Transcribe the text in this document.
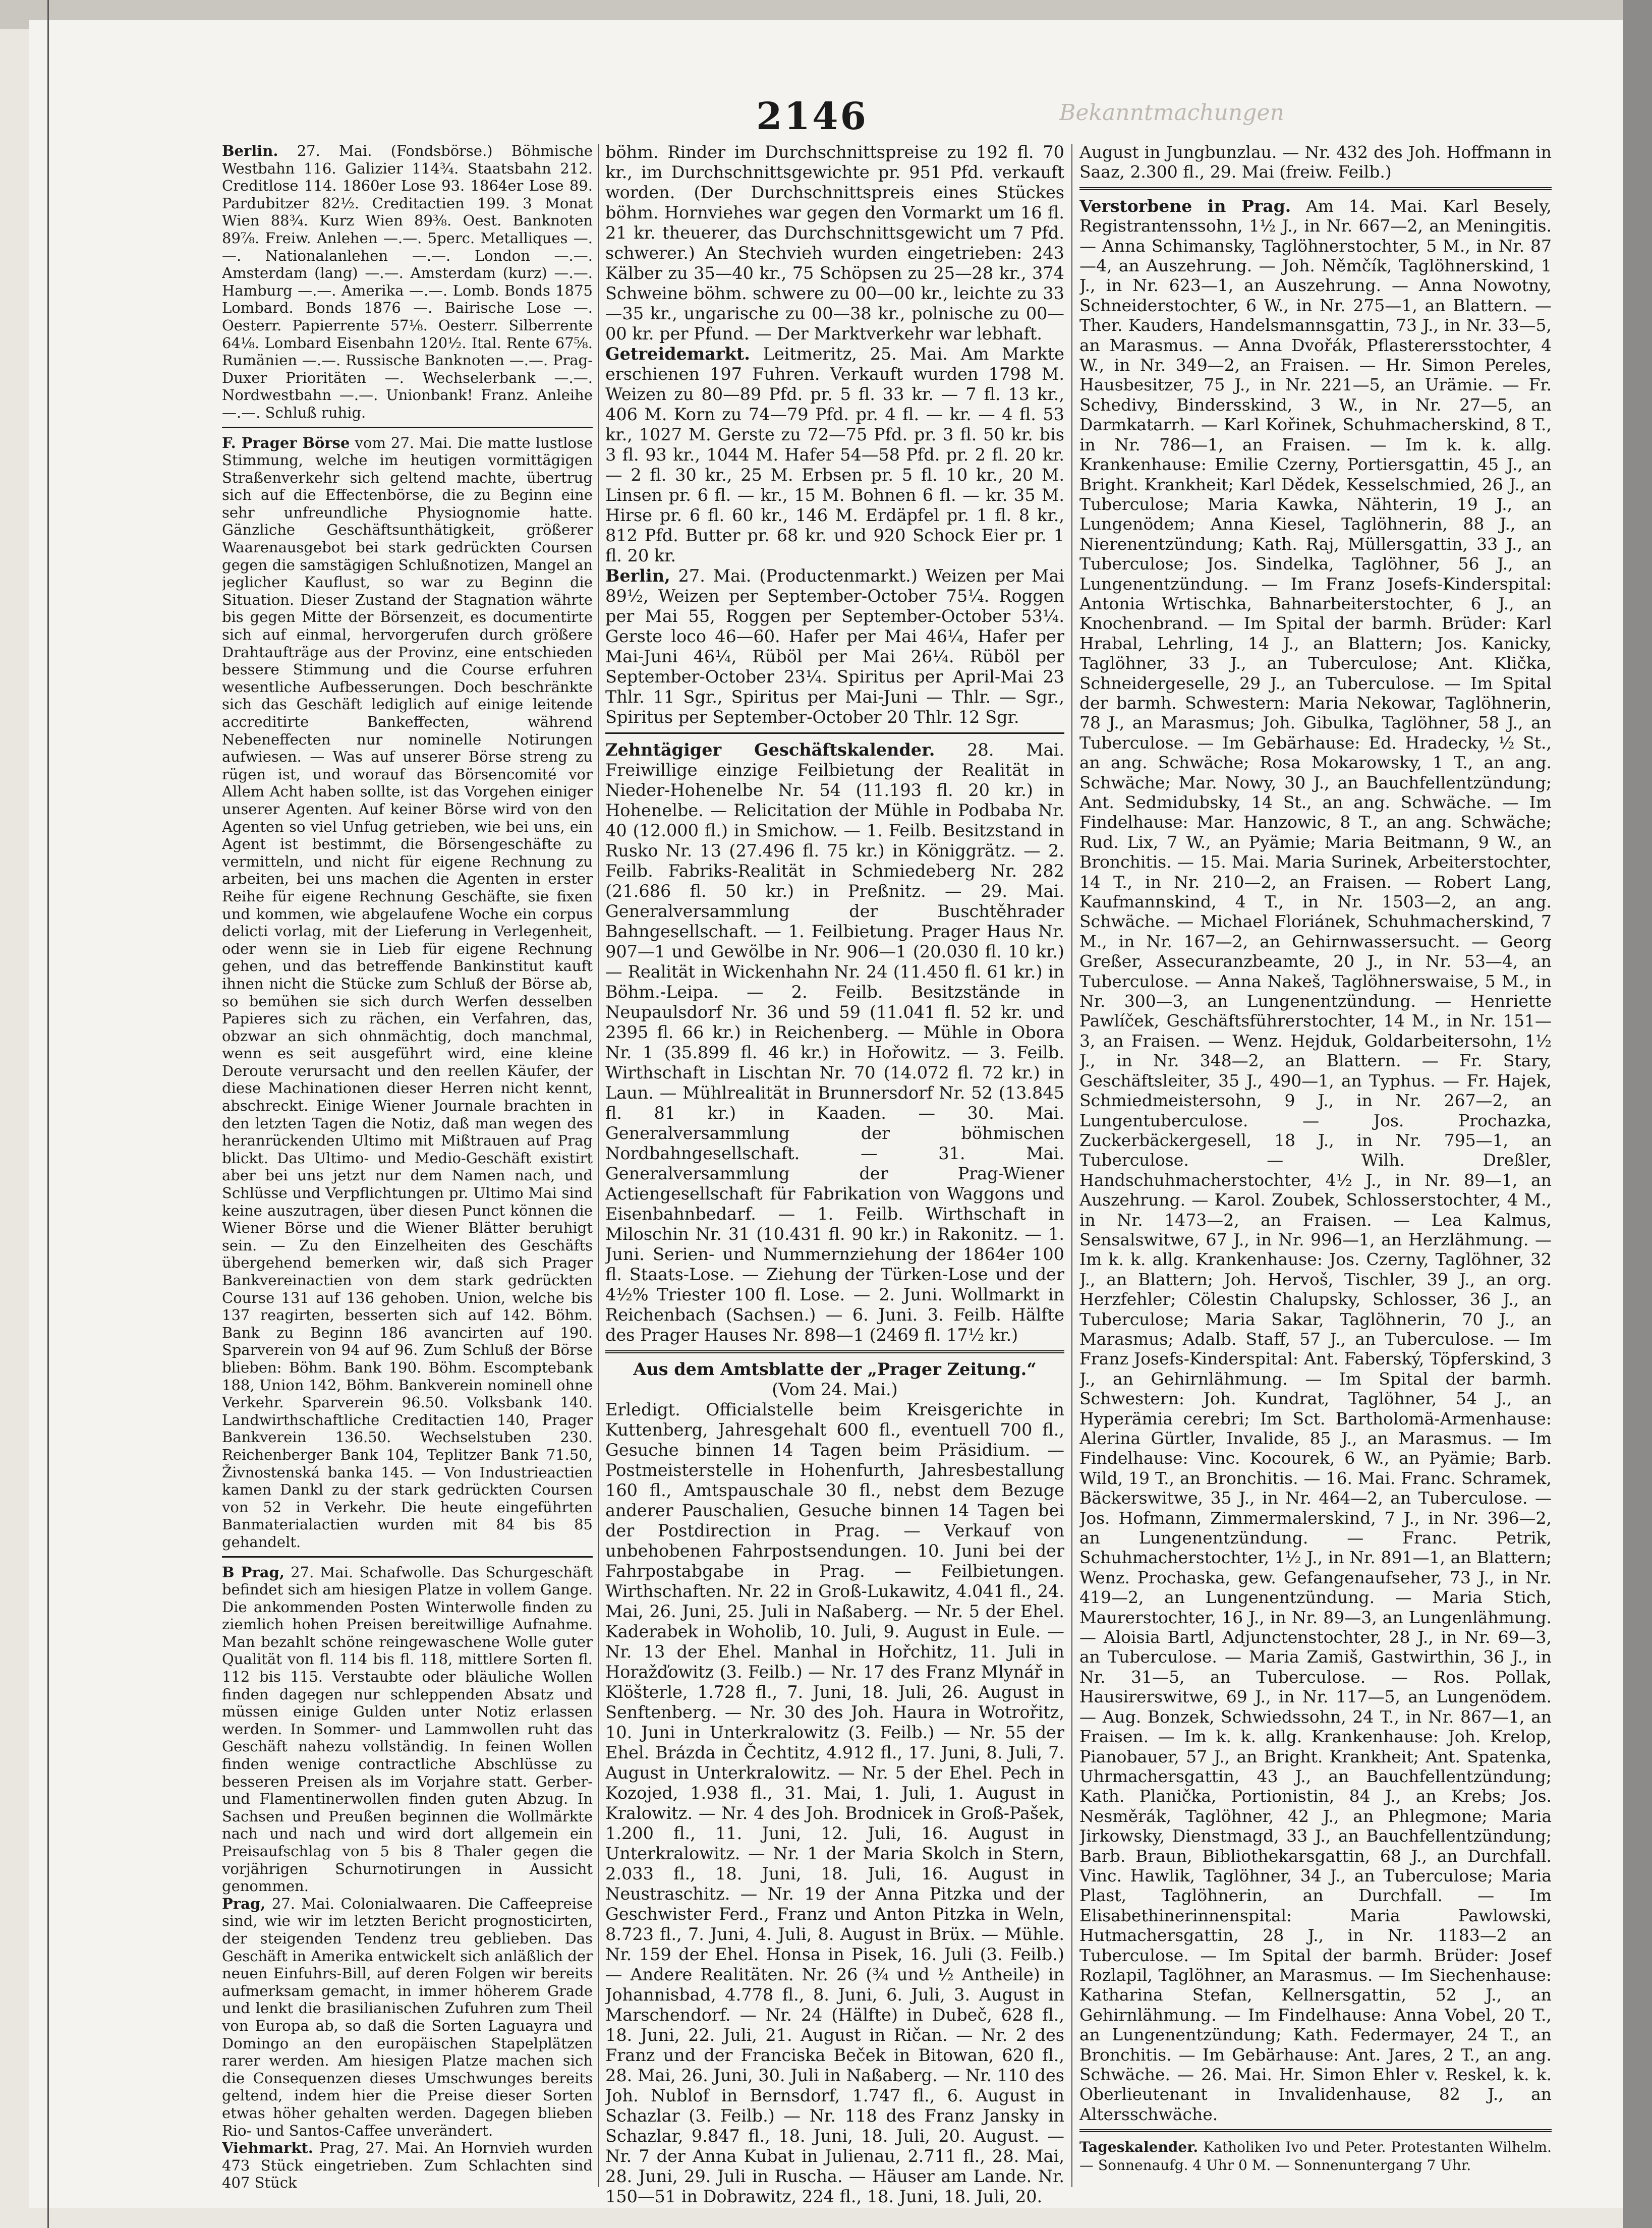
2146	Bekanntmachungen

Berlin. 27. Mai. (Fondsbörse.) Böhmische Westbahn 116. Galizier 114¾. Staatsbahn 212. Creditlose 114. 1860er Lose 93. 1864er Lose 89. Pardubitzer 82½. Creditactien 199. 3 Monat Wien 88¾. Kurz Wien 89⅜. Oest. Banknoten 89⅞. Freiw. Anlehen —.—. 5perc. Metalliques —.—. Nationalanlehen —.—. London —.—. Amsterdam (lang) —.—. Amsterdam (kurz) —.—. Hamburg —.—. Amerika —.—. Lomb. Bonds 1875 Lombard. Bonds 1876 —. Bairische Lose —. Oesterr. Papierrente 57⅛. Oesterr. Silberrente 64⅛. Lombard Eisenbahn 120½. Ital. Rente 67⅝. Rumänien —.—. Russische Banknoten —.—. Prag-Duxer Prioritäten —. Wechselerbank —.—. Nordwestbahn —.—. Unionbank! Franz. Anleihe —.—. Schluß ruhig.

F. Prager Börse vom 27. Mai. Die matte lustlose Stimmung, welche im heutigen vormittägigen Straßenverkehr sich geltend machte, übertrug sich auf die Effectenbörse, die zu Beginn eine sehr unfreundliche Physiognomie hatte. Gänzliche Geschäftsunthätigkeit, größerer Waarenausgebot bei stark gedrückten Coursen gegen die samstägigen Schlußnotizen, Mangel an jeglicher Kauflust, so war zu Beginn die Situation. Dieser Zustand der Stagnation währte bis gegen Mitte der Börsenzeit, es documentirte sich auf einmal, hervorgerufen durch größere Drahtaufträge aus der Provinz, eine entschieden bessere Stimmung und die Course erfuhren wesentliche Aufbesserungen. Doch beschränkte sich das Geschäft lediglich auf einige leitende accreditirte Bankeffecten, während Nebeneffecten nur nominelle Notirungen aufwiesen. — Was auf unserer Börse streng zu rügen ist, und worauf das Börsencomité vor Allem Acht haben sollte, ist das Vorgehen einiger unserer Agenten. Auf keiner Börse wird von den Agenten so viel Unfug getrieben, wie bei uns, ein Agent ist bestimmt, die Börsengeschäfte zu vermitteln, und nicht für eigene Rechnung zu arbeiten, bei uns machen die Agenten in erster Reihe für eigene Rechnung Geschäfte, sie fixen und kommen, wie abgelaufene Woche ein corpus delicti vorlag, mit der Lieferung in Verlegenheit, oder wenn sie in Lieb für eigene Rechnung gehen, und das betreffende Bankinstitut kauft ihnen nicht die Stücke zum Schluß der Börse ab, so bemühen sie sich durch Werfen desselben Papieres sich zu rächen, ein Verfahren, das, obzwar an sich ohnmächtig, doch manchmal, wenn es seit ausgeführt wird, eine kleine Deroute verursacht und den reellen Käufer, der diese Machinationen dieser Herren nicht kennt, abschreckt. Einige Wiener Journale brachten in den letzten Tagen die Notiz, daß man wegen des heranrückenden Ultimo mit Mißtrauen auf Prag blickt. Das Ultimo- und Medio-Geschäft existirt aber bei uns jetzt nur dem Namen nach, und Schlüsse und Verpflichtungen pr. Ultimo Mai sind keine auszutragen, über diesen Punct können die Wiener Börse und die Wiener Blätter beruhigt sein. — Zu den Einzelheiten des Geschäfts übergehend bemerken wir, daß sich Prager Bankvereinactien von dem stark gedrückten Course 131 auf 136 gehoben. Union, welche bis 137 reagirten, besserten sich auf 142. Böhm. Bank zu Beginn 186 avancirten auf 190. Sparverein von 94 auf 96. Zum Schluß der Börse blieben: Böhm. Bank 190. Böhm. Escomptebank 188, Union 142, Böhm. Bankverein nominell ohne Verkehr. Sparverein 96.50. Volksbank 140. Landwirthschaftliche Creditactien 140, Prager Bankverein 136.50. Wechselstuben 230. Reichenberger Bank 104, Teplitzer Bank 71.50, Živnostenská banka 145. — Von Industrieactien kamen Dankl zu der stark gedrückten Coursen von 52 in Verkehr. Die heute eingeführten Banmaterialactien wurden mit 84 bis 85 gehandelt.

B Prag, 27. Mai. Schafwolle. Das Schurgeschäft befindet sich am hiesigen Platze in vollem Gange. Die ankommenden Posten Winterwolle finden zu ziemlich hohen Preisen bereitwillige Aufnahme. Man bezahlt schöne reingewaschene Wolle guter Qualität von fl. 114 bis fl. 118, mittlere Sorten fl. 112 bis 115. Verstaubte oder bläuliche Wollen finden dagegen nur schleppenden Absatz und müssen einige Gulden unter Notiz erlassen werden. In Sommer- und Lammwollen ruht das Geschäft nahezu vollständig. In feinen Wollen finden wenige contractliche Abschlüsse zu besseren Preisen als im Vorjahre statt. Gerber- und Flamentinerwollen finden guten Abzug. In Sachsen und Preußen beginnen die Wollmärkte nach und nach und wird dort allgemein ein Preisaufschlag von 5 bis 8 Thaler gegen die vorjährigen Schurnotirungen in Aussicht genommen.

Prag, 27. Mai. Colonialwaaren. Die Caffeepreise sind, wie wir im letzten Bericht prognosticirten, der steigenden Tendenz treu geblieben. Das Geschäft in Amerika entwickelt sich anläßlich der neuen Einfuhrs-Bill, auf deren Folgen wir bereits aufmerksam gemacht, in immer höherem Grade und lenkt die brasilianischen Zufuhren zum Theil von Europa ab, so daß die Sorten Laguayra und Domingo an den europäischen Stapelplätzen rarer werden. Am hiesigen Platze machen sich die Consequenzen dieses Umschwunges bereits geltend, indem hier die Preise dieser Sorten etwas höher gehalten werden. Dagegen blieben Rio- und Santos-Caffee unverändert.

Viehmarkt. Prag, 27. Mai. An Hornvieh wurden 473 Stück eingetrieben. Zum Schlachten sind 407 Stück

böhm. Rinder im Durchschnittspreise zu 192 fl. 70 kr., im Durchschnittsgewichte pr. 951 Pfd. verkauft worden. (Der Durchschnittspreis eines Stückes böhm. Hornviehes war gegen den Vormarkt um 16 fl. 21 kr. theuerer, das Durchschnittsgewicht um 7 Pfd. schwerer.) An Stechvieh wurden eingetrieben: 243 Kälber zu 35—40 kr., 75 Schöpsen zu 25—28 kr., 374 Schweine böhm. schwere zu 00—00 kr., leichte zu 33—35 kr., ungarische zu 00—38 kr., polnische zu 00—00 kr. per Pfund. — Der Marktverkehr war lebhaft.

Getreidemarkt. Leitmeritz, 25. Mai. Am Markte erschienen 197 Fuhren. Verkauft wurden 1798 M. Weizen zu 80—89 Pfd. pr. 5 fl. 33 kr. — 7 fl. 13 kr., 406 M. Korn zu 74—79 Pfd. pr. 4 fl. — kr. — 4 fl. 53 kr., 1027 M. Gerste zu 72—75 Pfd. pr. 3 fl. 50 kr. bis 3 fl. 93 kr., 1044 M. Hafer 54—58 Pfd. pr. 2 fl. 20 kr. — 2 fl. 30 kr., 25 M. Erbsen pr. 5 fl. 10 kr., 20 M. Linsen pr. 6 fl. — kr., 15 M. Bohnen 6 fl. — kr. 35 M. Hirse pr. 6 fl. 60 kr., 146 M. Erdäpfel pr. 1 fl. 8 kr., 812 Pfd. Butter pr. 68 kr. und 920 Schock Eier pr. 1 fl. 20 kr.

Berlin, 27. Mai. (Productenmarkt.) Weizen per Mai 89½, Weizen per September-October 75¼. Roggen per Mai 55, Roggen per September-October 53¼. Gerste loco 46—60. Hafer per Mai 46¼, Hafer per Mai-Juni 46¼, Rüböl per Mai 26¼. Rüböl per September-October 23¼. Spiritus per April-Mai 23 Thlr. 11 Sgr., Spiritus per Mai-Juni — Thlr. — Sgr., Spiritus per September-October 20 Thlr. 12 Sgr.

Zehntägiger Geschäftskalender. 28. Mai. Freiwillige einzige Feilbietung der Realität in Nieder-Hohenelbe Nr. 54 (11.193 fl. 20 kr.) in Hohenelbe. — Relicitation der Mühle in Podbaba Nr. 40 (12.000 fl.) in Smichow. — 1. Feilb. Besitzstand in Rusko Nr. 13 (27.496 fl. 75 kr.) in Königgrätz. — 2. Feilb. Fabriks-Realität in Schmiedeberg Nr. 282 (21.686 fl. 50 kr.) in Preßnitz. — 29. Mai. Generalversammlung der Buschtěhrader Bahngesellschaft. — 1. Feilbietung. Prager Haus Nr. 907—1 und Gewölbe in Nr. 906—1 (20.030 fl. 10 kr.) — Realität in Wickenhahn Nr. 24 (11.450 fl. 61 kr.) in Böhm.-Leipa. — 2. Feilb. Besitzstände in Neupaulsdorf Nr. 36 und 59 (11.041 fl. 52 kr. und 2395 fl. 66 kr.) in Reichenberg. — Mühle in Obora Nr. 1 (35.899 fl. 46 kr.) in Hořowitz. — 3. Feilb. Wirthschaft in Lischtan Nr. 70 (14.072 fl. 72 kr.) in Laun. — Mühlrealität in Brunnersdorf Nr. 52 (13.845 fl. 81 kr.) in Kaaden. — 30. Mai. Generalversammlung der böhmischen Nordbahngesellschaft. — 31. Mai. Generalversammlung der Prag-Wiener Actiengesellschaft für Fabrikation von Waggons und Eisenbahnbedarf. — 1. Feilb. Wirthschaft in Miloschin Nr. 31 (10.431 fl. 90 kr.) in Rakonitz. — 1. Juni. Serien- und Nummernziehung der 1864er 100 fl. Staats-Lose. — Ziehung der Türken-Lose und der 4½% Triester 100 fl. Lose. — 2. Juni. Wollmarkt in Reichenbach (Sachsen.) — 6. Juni. 3. Feilb. Hälfte des Prager Hauses Nr. 898—1 (2469 fl. 17½ kr.)

Aus dem Amtsblatte der „Prager Zeitung.“

(Vom 24. Mai.)

Erledigt. Officialstelle beim Kreisgerichte in Kuttenberg, Jahresgehalt 600 fl., eventuell 700 fl., Gesuche binnen 14 Tagen beim Präsidium. — Postmeisterstelle in Hohenfurth, Jahresbestallung 160 fl., Amtspauschale 30 fl., nebst dem Bezuge anderer Pauschalien, Gesuche binnen 14 Tagen bei der Postdirection in Prag. — Verkauf von unbehobenen Fahrpostsendungen. 10. Juni bei der Fahrpostabgabe in Prag. — Feilbietungen. Wirthschaften. Nr. 22 in Groß-Lukawitz, 4.041 fl., 24. Mai, 26. Juni, 25. Juli in Naßaberg. — Nr. 5 der Ehel. Kaderabek in Woholib, 10. Juli, 9. August in Eule. — Nr. 13 der Ehel. Manhal in Hořchitz, 11. Juli in Horažďowitz (3. Feilb.) — Nr. 17 des Franz Mlynář in Klöšterle, 1.728 fl., 7. Juni, 18. Juli, 26. August in Senftenberg. — Nr. 30 des Joh. Haura in Wotrořitz, 10. Juni in Unterkralowitz (3. Feilb.) — Nr. 55 der Ehel. Brázda in Čechtitz, 4.912 fl., 17. Juni, 8. Juli, 7. August in Unterkralowitz. — Nr. 5 der Ehel. Pech in Kozojed, 1.938 fl., 31. Mai, 1. Juli, 1. August in Kralowitz. — Nr. 4 des Joh. Brodnicek in Groß-Pašek, 1.200 fl., 11. Juni, 12. Juli, 16. August in Unterkralowitz. — Nr. 1 der Maria Skolch in Stern, 2.033 fl., 18. Juni, 18. Juli, 16. August in Neustraschitz. — Nr. 19 der Anna Pitzka und der Geschwister Ferd., Franz und Anton Pitzka in Weln, 8.723 fl., 7. Juni, 4. Juli, 8. August in Brüx. — Mühle. Nr. 159 der Ehel. Honsa in Pisek, 16. Juli (3. Feilb.) — Andere Realitäten. Nr. 26 (¾ und ½ Antheile) in Johannisbad, 4.778 fl., 8. Juni, 6. Juli, 3. August in Marschendorf. — Nr. 24 (Hälfte) in Dubeč, 628 fl., 18. Juni, 22. Juli, 21. August in Ričan. — Nr. 2 des Franz und der Franciska Beček in Bitowan, 620 fl., 28. Mai, 26. Juni, 30. Juli in Naßaberg. — Nr. 110 des Joh. Nublof in Bernsdorf, 1.747 fl., 6. August in Schazlar (3. Feilb.) — Nr. 118 des Franz Jansky in Schazlar, 9.847 fl., 18. Juni, 18. Juli, 20. August. — Nr. 7 der Anna Kubat in Julienau, 2.711 fl., 28. Mai, 28. Juni, 29. Juli in Ruscha. — Häuser am Lande. Nr. 150—51 in Dobrawitz, 224 fl., 18. Juni, 18. Juli, 20.

August in Jungbunzlau. — Nr. 432 des Joh. Hoffmann in Saaz, 2.300 fl., 29. Mai (freiw. Feilb.)

Verstorbene in Prag. Am 14. Mai. Karl Besely, Registrantenssohn, 1½ J., in Nr. 667—2, an Meningitis. — Anna Schimansky, Taglöhnerstochter, 5 M., in Nr. 87—4, an Auszehrung. — Joh. Němčík, Taglöhnerskind, 1 J., in Nr. 623—1, an Auszehrung. — Anna Nowotny, Schneiderstochter, 6 W., in Nr. 275—1, an Blattern. — Ther. Kauders, Handelsmannsgattin, 73 J., in Nr. 33—5, an Marasmus. — Anna Dvořák, Pflasterersstochter, 4 W., in Nr. 349—2, an Fraisen. — Hr. Simon Pereles, Hausbesitzer, 75 J., in Nr. 221—5, an Urämie. — Fr. Schedivy, Bindersskind, 3 W., in Nr. 27—5, an Darmkatarrh. — Karl Kořinek, Schuhmacherskind, 8 T., in Nr. 786—1, an Fraisen. — Im k. k. allg. Krankenhause: Emilie Czerny, Portiersgattin, 45 J., an Bright. Krankheit; Karl Dědek, Kesselschmied, 26 J., an Tuberculose; Maria Kawka, Nähterin, 19 J., an Lungenödem; Anna Kiesel, Taglöhnerin, 88 J., an Nierenentzündung; Kath. Raj, Müllersgattin, 33 J., an Tuberculose; Jos. Sindelka, Taglöhner, 56 J., an Lungenentzündung. — Im Franz Josefs-Kinderspital: Antonia Wrtischka, Bahnarbeiterstochter, 6 J., an Knochenbrand. — Im Spital der barmh. Brüder: Karl Hrabal, Lehrling, 14 J., an Blattern; Jos. Kanicky, Taglöhner, 33 J., an Tuberculose; Ant. Klička, Schneidergeselle, 29 J., an Tuberculose. — Im Spital der barmh. Schwestern: Maria Nekowar, Taglöhnerin, 78 J., an Marasmus; Joh. Gibulka, Taglöhner, 58 J., an Tuberculose. — Im Gebärhause: Ed. Hradecky, ½ St., an ang. Schwäche; Rosa Mokarowsky, 1 T., an ang. Schwäche; Mar. Nowy, 30 J., an Bauchfellentzündung; Ant. Sedmidubsky, 14 St., an ang. Schwäche. — Im Findelhause: Mar. Hanzowic, 8 T., an ang. Schwäche; Rud. Lix, 7 W., an Pyämie; Maria Beitmann, 9 W., an Bronchitis. — 15. Mai. Maria Surinek, Arbeiterstochter, 14 T., in Nr. 210—2, an Fraisen. — Robert Lang, Kaufmannskind, 4 T., in Nr. 1503—2, an ang. Schwäche. — Michael Floriánek, Schuhmacherskind, 7 M., in Nr. 167—2, an Gehirnwassersucht. — Georg Greßer, Assecuranzbeamte, 20 J., in Nr. 53—4, an Tuberculose. — Anna Nakeš, Taglöhnerswaise, 5 M., in Nr. 300—3, an Lungenentzündung. — Henriette Pawlíček, Geschäftsführerstochter, 14 M., in Nr. 151—3, an Fraisen. — Wenz. Hejduk, Goldarbeitersohn, 1½ J., in Nr. 348—2, an Blattern. — Fr. Stary, Geschäftsleiter, 35 J., 490—1, an Typhus. — Fr. Hajek, Schmiedmeistersohn, 9 J., in Nr. 267—2, an Lungentuberculose. — Jos. Prochazka, Zuckerbäckergesell, 18 J., in Nr. 795—1, an Tuberculose. — Wilh. Dreßler, Handschuhmacherstochter, 4½ J., in Nr. 89—1, an Auszehrung. — Karol. Zoubek, Schlosserstochter, 4 M., in Nr. 1473—2, an Fraisen. — Lea Kalmus, Sensalswitwe, 67 J., in Nr. 996—1, an Herzlähmung. — Im k. k. allg. Krankenhause: Jos. Czerny, Taglöhner, 32 J., an Blattern; Joh. Hervoš, Tischler, 39 J., an org. Herzfehler; Cölestin Chalupsky, Schlosser, 36 J., an Tuberculose; Maria Sakar, Taglöhnerin, 70 J., an Marasmus; Adalb. Staff, 57 J., an Tuberculose. — Im Franz Josefs-Kinderspital: Ant. Faberský, Töpferskind, 3 J., an Gehirnlähmung. — Im Spital der barmh. Schwestern: Joh. Kundrat, Taglöhner, 54 J., an Hyperämia cerebri; Im Sct. Bartholomä-Armenhause: Alerina Gürtler, Invalide, 85 J., an Marasmus. — Im Findelhause: Vinc. Kocourek, 6 W., an Pyämie; Barb. Wild, 19 T., an Bronchitis. — 16. Mai. Franc. Schramek, Bäckerswitwe, 35 J., in Nr. 464—2, an Tuberculose. — Jos. Hofmann, Zimmermalerskind, 7 J., in Nr. 396—2, an Lungenentzündung. — Franc. Petrik, Schuhmacherstochter, 1½ J., in Nr. 891—1, an Blattern; Wenz. Prochaska, gew. Gefangenaufseher, 73 J., in Nr. 419—2, an Lungenentzündung. — Maria Stich, Maurerstochter, 16 J., in Nr. 89—3, an Lungenlähmung. — Aloisia Bartl, Adjunctenstochter, 28 J., in Nr. 69—3, an Tuberculose. — Maria Zamiš, Gastwirthin, 36 J., in Nr. 31—5, an Tuberculose. — Ros. Pollak, Hausirerswitwe, 69 J., in Nr. 117—5, an Lungenödem. — Aug. Bonzek, Schwiedssohn, 24 T., in Nr. 867—1, an Fraisen. — Im k. k. allg. Krankenhause: Joh. Krelop, Pianobauer, 57 J., an Bright. Krankheit; Ant. Spatenka, Uhrmachersgattin, 43 J., an Bauchfellentzündung; Kath. Planička, Portionistin, 84 J., an Krebs; Jos. Nesměrák, Taglöhner, 42 J., an Phlegmone; Maria Jirkowsky, Dienstmagd, 33 J., an Bauchfellentzündung; Barb. Braun, Bibliothekarsgattin, 68 J., an Durchfall. Vinc. Hawlik, Taglöhner, 34 J., an Tuberculose; Maria Plast, Taglöhnerin, an Durchfall. — Im Elisabethinerinnenspital: Maria Pawlowski, Hutmachersgattin, 28 J., in Nr. 1183—2 an Tuberculose. — Im Spital der barmh. Brüder: Josef Rozlapil, Taglöhner, an Marasmus. — Im Siechenhause: Katharina Stefan, Kellnersgattin, 52 J., an Gehirnlähmung. — Im Findelhause: Anna Vobel, 20 T., an Lungenentzündung; Kath. Federmayer, 24 T., an Bronchitis. — Im Gebärhause: Ant. Jares, 2 T., an ang. Schwäche. — 26. Mai. Hr. Simon Ehler v. Reskel, k. k. Oberlieutenant in Invalidenhause, 82 J., an Altersschwäche.

Tageskalender. Katholiken Ivo und Peter. Protestanten Wilhelm. — Sonnenaufg. 4 Uhr 0 M. — Sonnenuntergang 7 Uhr.
